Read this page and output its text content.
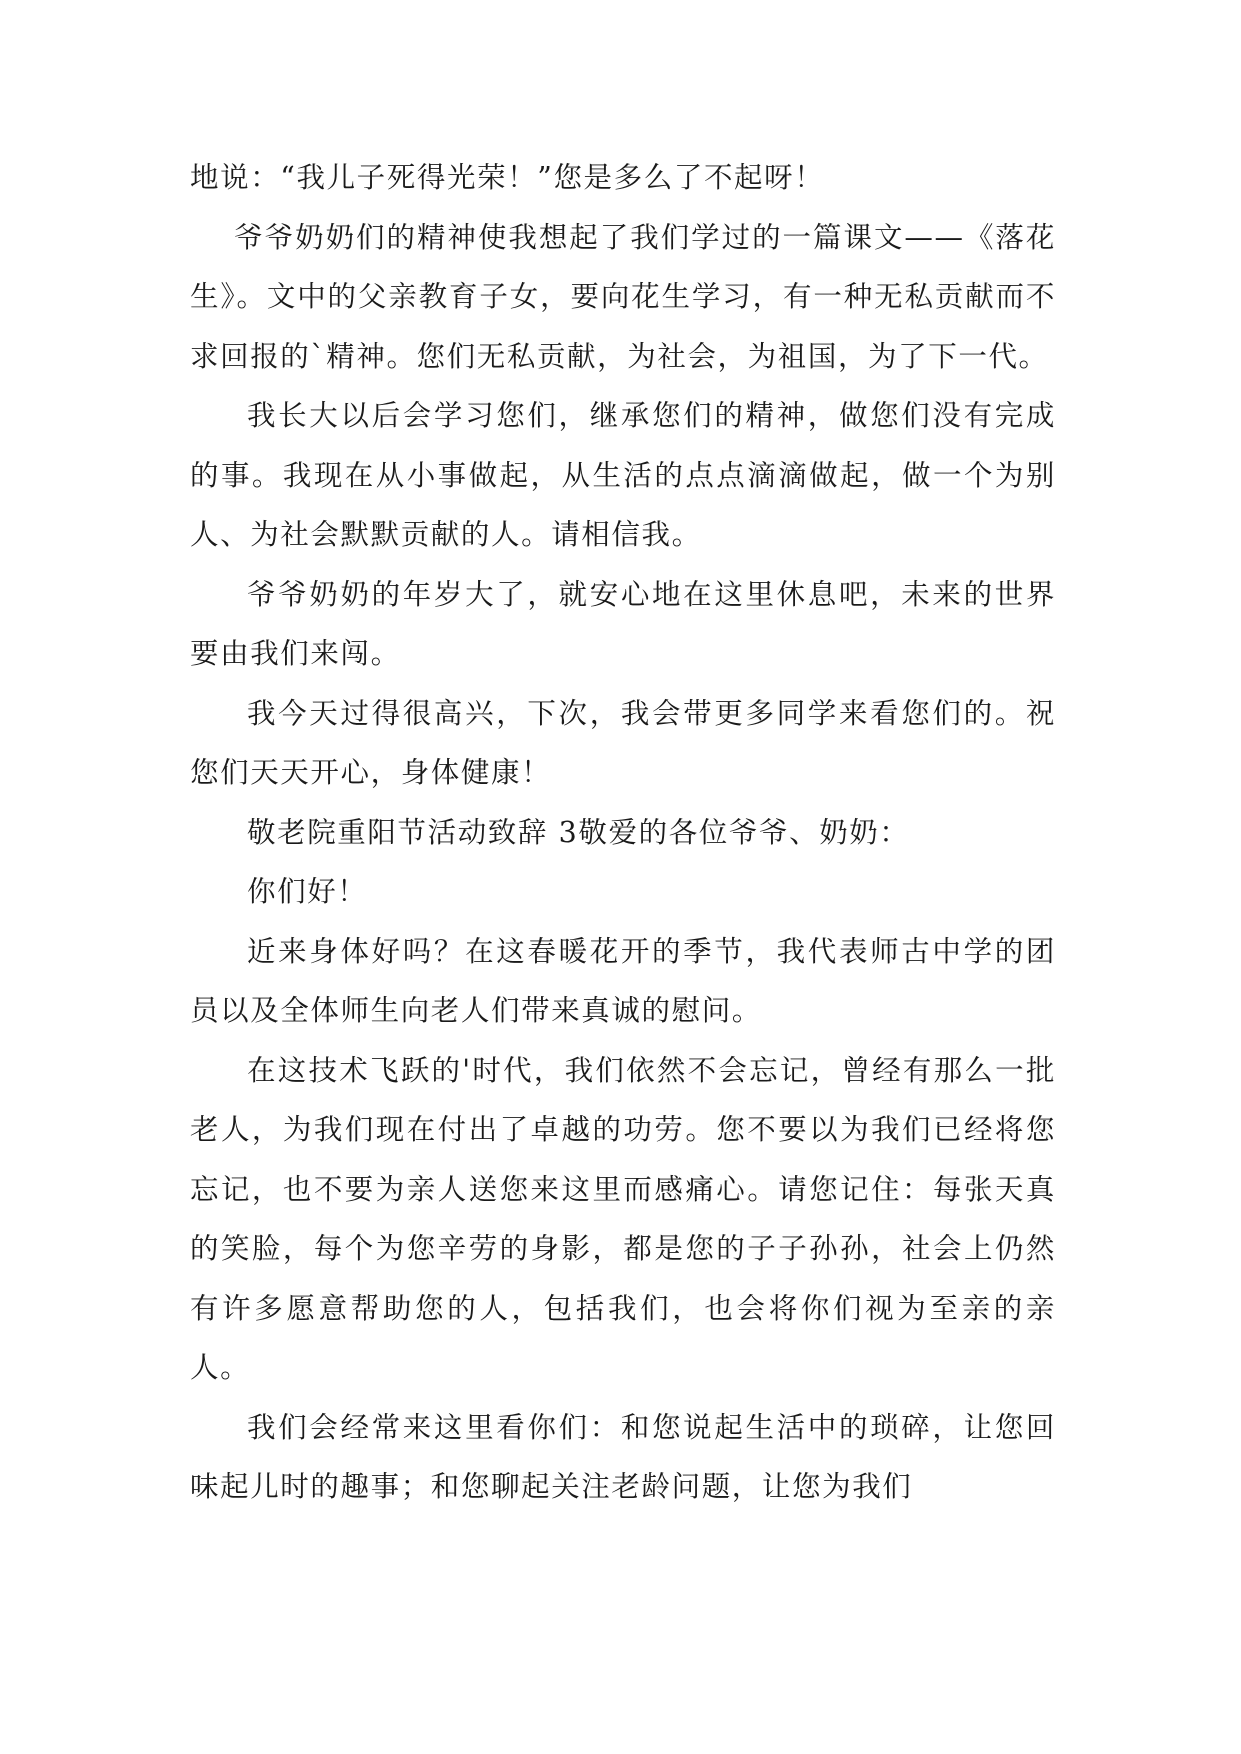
地说：“我儿子死得光荣！”您是多么了不起呀！

爷爷奶奶们的精神使我想起了我们学过的一篇课文——《落花生》。文中的父亲教育子女，要向花生学习，有一种无私贡献而不求回报的`精神。您们无私贡献，为社会，为祖国，为了下一代。

我长大以后会学习您们，继承您们的精神，做您们没有完成的事。我现在从小事做起，从生活的点点滴滴做起，做一个为别人、为社会默默贡献的人。请相信我。

爷爷奶奶的年岁大了，就安心地在这里休息吧，未来的世界要由我们来闯。

我今天过得很高兴，下次，我会带更多同学来看您们的。祝您们天天开心，身体健康！

敬老院重阳节活动致辞 3敬爱的各位爷爷、奶奶：

你们好！

近来身体好吗？在这春暖花开的季节，我代表师古中学的团员以及全体师生向老人们带来真诚的慰问。

在这技术飞跃的'时代，我们依然不会忘记，曾经有那么一批老人，为我们现在付出了卓越的功劳。您不要以为我们已经将您忘记，也不要为亲人送您来这里而感痛心。请您记住：每张天真的笑脸，每个为您辛劳的身影，都是您的子子孙孙，社会上仍然有许多愿意帮助您的人，包括我们，也会将你们视为至亲的亲人。

我们会经常来这里看你们：和您说起生活中的琐碎，让您回味起儿时的趣事；和您聊起关注老龄问题，让您为我们
